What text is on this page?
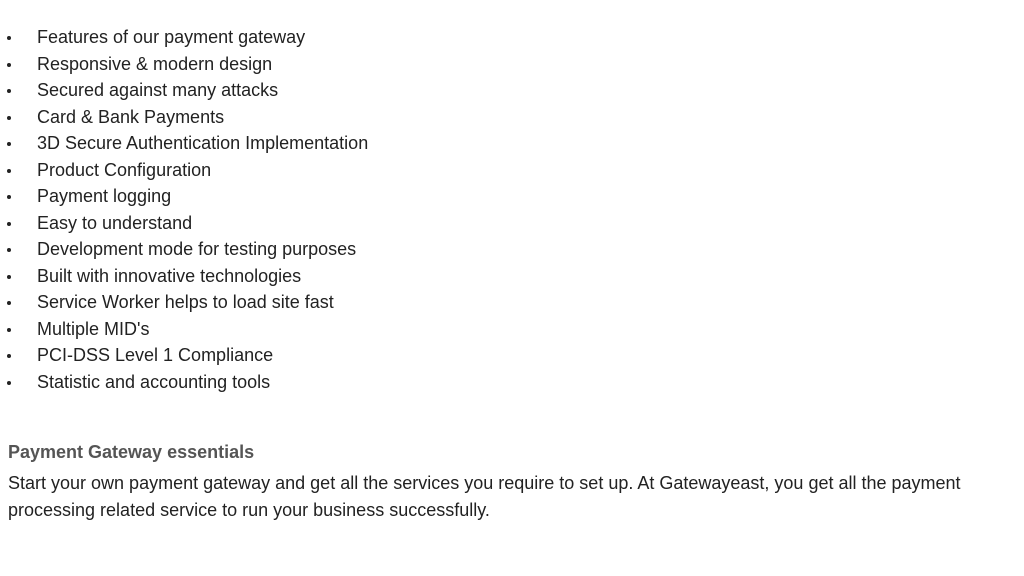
Features of our payment gateway
Responsive & modern design
Secured against many attacks
Card & Bank Payments
3D Secure Authentication Implementation
Product Configuration
Payment logging
Easy to understand
Development mode for testing purposes
Built with innovative technologies
Service Worker helps to load site fast
Multiple MID's
PCI-DSS Level 1 Compliance
Statistic and accounting tools
Payment Gateway essentials

Start your own payment gateway and get all the services you require to set up. At Gatewayeast, you get all the payment processing related service to run your business successfully.
